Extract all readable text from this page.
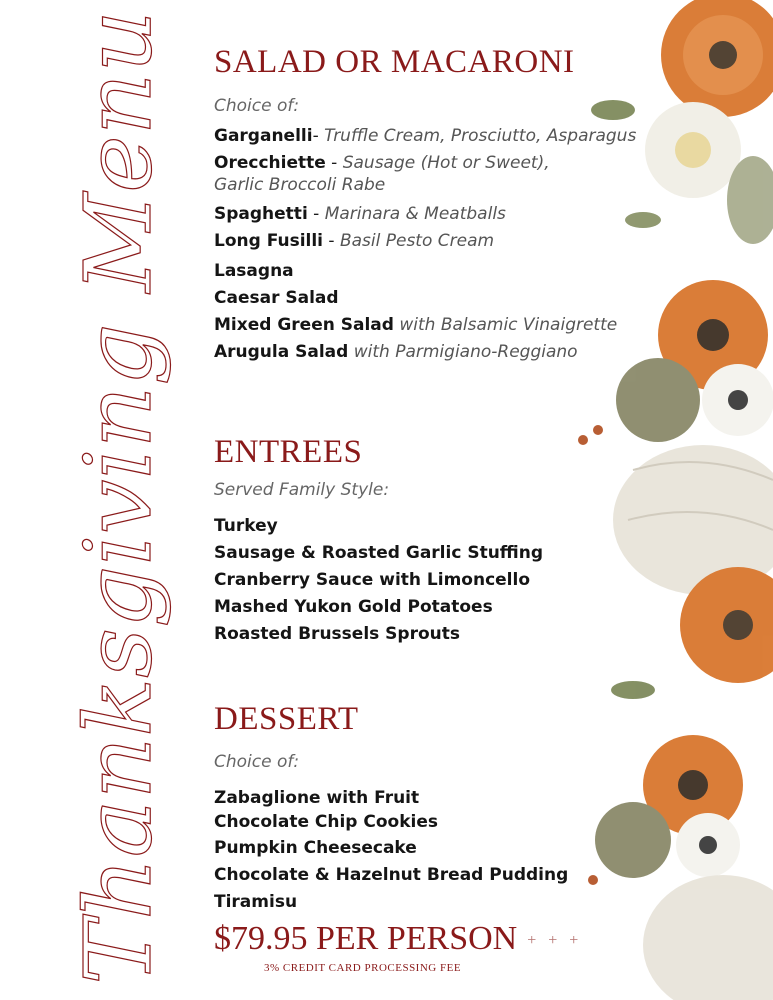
Thanksgiving Menu
SALAD OR MACARONI

Choice of:

Garganelli- Truffle Cream, Prosciutto, Asparagus

Orecchiette - Sausage (Hot or Sweet), Garlic Broccoli Rabe

Spaghetti - Marinara & Meatballs

Long Fusilli - Basil Pesto Cream

Lasagna

Caesar Salad

Mixed Green Salad with Balsamic Vinaigrette

Arugula Salad with Parmigiano-Reggiano

ENTREES

Served Family Style:

Turkey

Sausage & Roasted Garlic Stuffing

Cranberry Sauce with Limoncello

Mashed Yukon Gold Potatoes

Roasted Brussels Sprouts

DESSERT

Choice of:

Zabaglione with Fruit

Chocolate Chip Cookies

Pumpkin Cheesecake

Chocolate & Hazelnut Bread Pudding

Tiramisu

$79.95 PER PERSON + + +

3% CREDIT CARD PROCESSING FEE
